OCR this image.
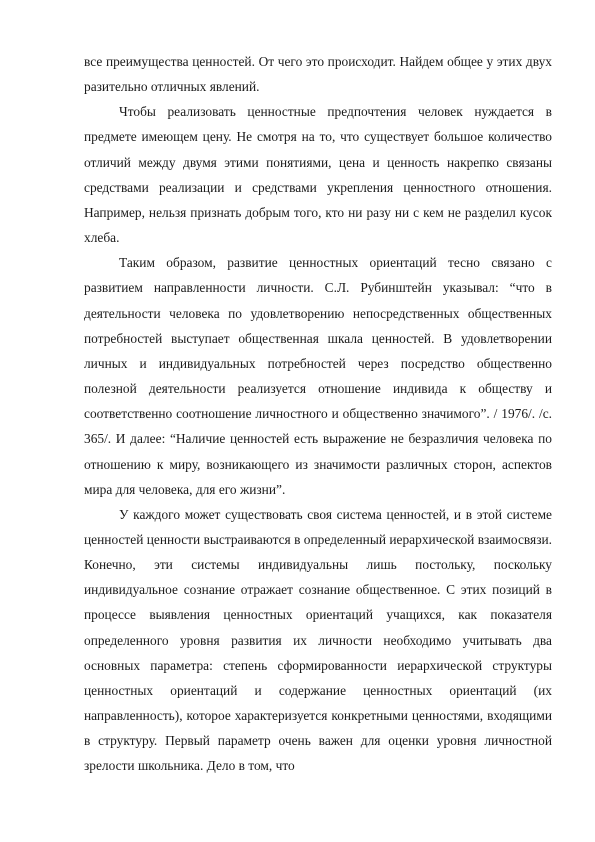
все преимущества ценностей. От чего это происходит. Найдем общее у этих двух разительно отличных явлений.

Чтобы реализовать ценностные предпочтения человек нуждается в предмете имеющем цену. Не смотря на то, что существует большое количество отличий между двумя этими понятиями, цена и ценность накрепко связаны средствами реализации и средствами укрепления ценностного отношения. Например, нельзя признать добрым того, кто ни разу ни с кем не разделил кусок хлеба.

Таким образом, развитие ценностных ориентаций тесно связано с развитием направленности личности. С.Л. Рубинштейн указывал: “что в деятельности человека по удовлетворению непосредственных общественных потребностей выступает общественная шкала ценностей. В удовлетворении личных и индивидуальных потребностей через посредство общественно полезной деятельности реализуется отношение индивида к обществу и соответственно соотношение личностного и общественно значимого”. / 1976/. /с. 365/. И далее: “Наличие ценностей есть выражение не безразличия человека по отношению к миру, возникающего из значимости различных сторон, аспектов мира для человека, для его жизни”.

У каждого может существовать своя система ценностей, и в этой системе ценностей ценности выстраиваются в определенный иерархической взаимосвязи. Конечно, эти системы индивидуальны лишь постольку, поскольку индивидуальное сознание отражает сознание общественное. С этих позиций в процессе выявления ценностных ориентаций учащихся, как показателя определенного уровня развития их личности необходимо учитывать два основных параметра: степень сформированности иерархической структуры ценностных ориентаций и содержание ценностных ориентаций (их направленность), которое характеризуется конкретными ценностями, входящими в структуру. Первый параметр очень важен для оценки уровня личностной зрелости школьника. Дело в том, что
